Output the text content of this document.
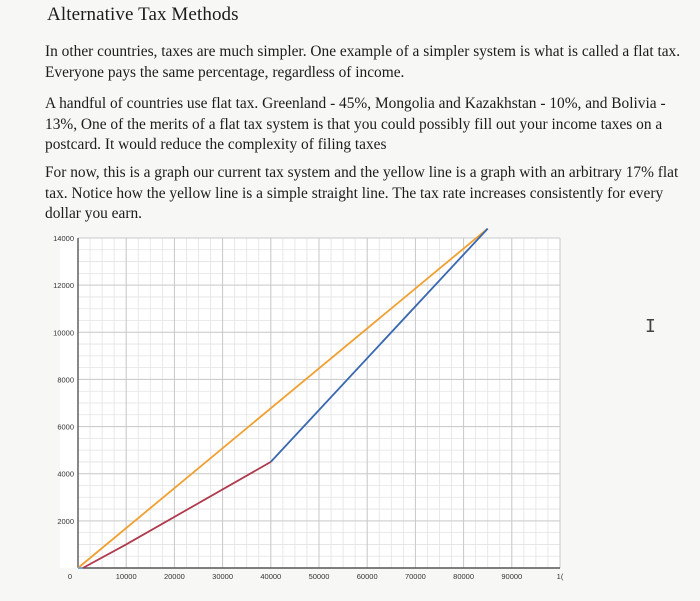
Alternative Tax Methods
In other countries, taxes are much simpler. One example of a simpler system is what is called a flat tax. Everyone pays the same percentage, regardless of income.
A handful of countries use flat tax. Greenland - 45%, Mongolia and Kazakhstan - 10%, and Bolivia - 13%, One of the merits of a flat tax system is that you could possibly fill out your income taxes on a postcard. It would reduce the complexity of filing taxes
For now, this is a graph our current tax system and the yellow line is a graph with an arbitrary 17% flat tax. Notice how the yellow line is a simple straight line. The tax rate increases consistently for every dollar you earn.
2000
4000
6000
8000
10000
12000
14000
0	10000	20000	30000	40000	50000	60000	70000	80000	90000	1(
I
